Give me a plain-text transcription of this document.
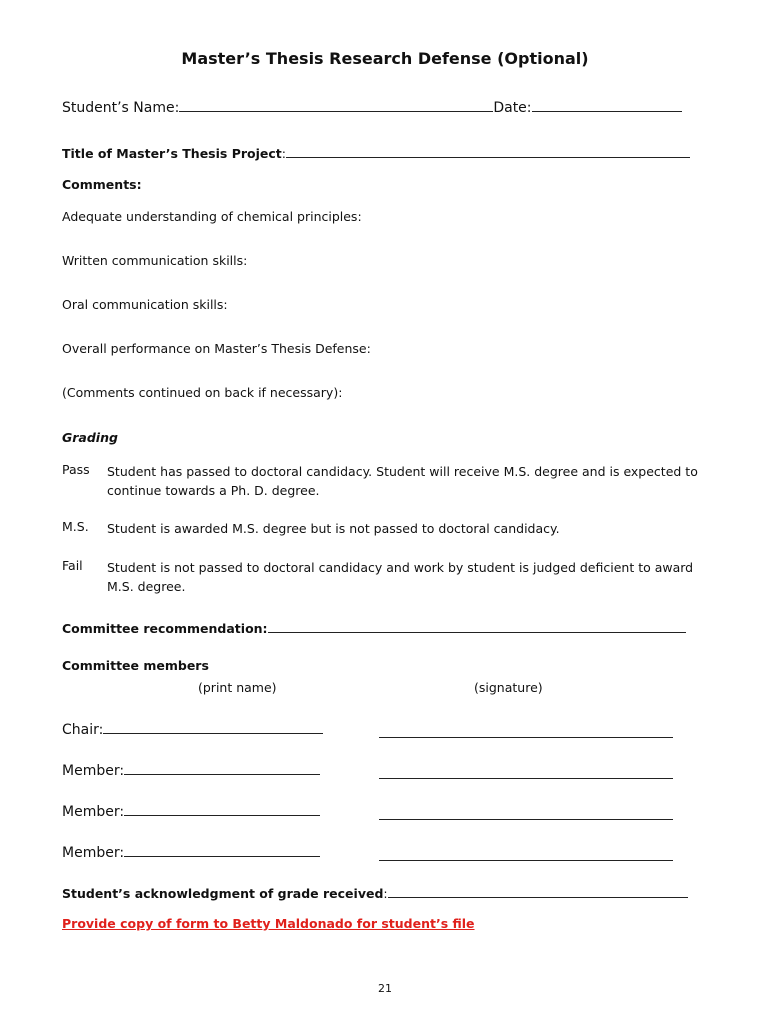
Master’s Thesis Research Defense (Optional)
Student’s Name:	Date:
Title of Master’s Thesis Project:
Comments:
Adequate understanding of chemical principles:
Written communication skills:
Oral communication skills:
Overall performance on Master’s Thesis Defense:
(Comments continued on back if necessary):
Grading
Pass Student has passed to doctoral candidacy. Student will receive M.S. degree and is expected to continue towards a Ph. D. degree.
M.S. Student is awarded M.S. degree but is not passed to doctoral candidacy.
Fail Student is not passed to doctoral candidacy and work by student is judged deficient to award M.S. degree.
Committee recommendation:
Committee members
(print name)	(signature)
Chair:
Member:
Member:
Member:
Student’s acknowledgment of grade received:
Provide copy of form to Betty Maldonado for student’s file
21
